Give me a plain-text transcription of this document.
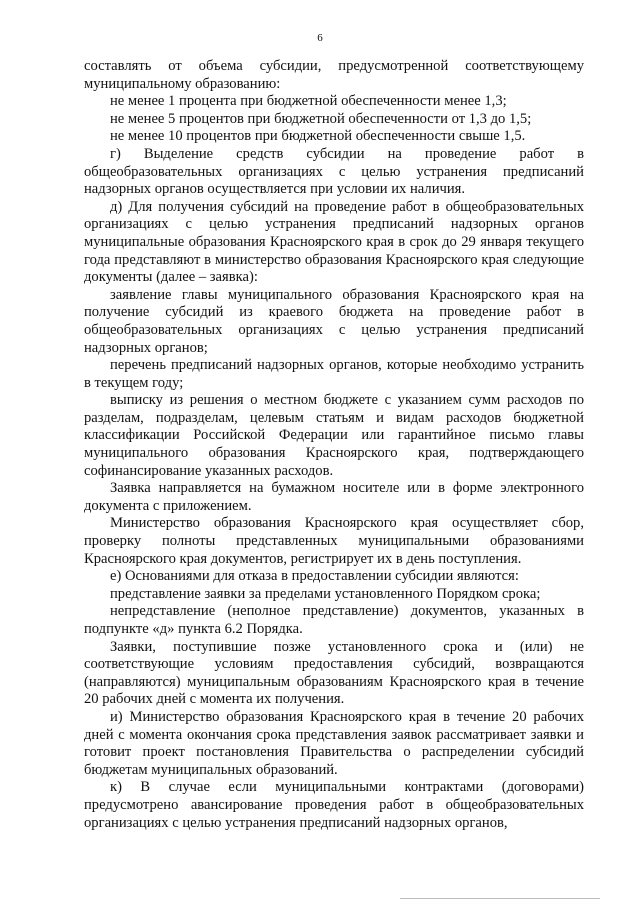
6

составлять от объема субсидии, предусмотренной соответствующему муниципальному образованию:

не менее 1 процента при бюджетной обеспеченности менее 1,3;

не менее 5 процентов при бюджетной обеспеченности от 1,3 до 1,5;

не менее 10 процентов при бюджетной обеспеченности свыше 1,5.

г) Выделение средств субсидии на проведение работ в общеобразовательных организациях с целью устранения предписаний надзорных органов осуществляется при условии их наличия.

д) Для получения субсидий на проведение работ в общеобразовательных организациях с целью устранения предписаний надзорных органов муниципальные образования Красноярского края в срок до 29 января текущего года представляют в министерство образования Красноярского края следующие документы (далее – заявка):

заявление главы муниципального образования Красноярского края на получение субсидий из краевого бюджета на проведение работ в общеобразовательных организациях с целью устранения предписаний надзорных органов;

перечень предписаний надзорных органов, которые необходимо устранить в текущем году;

выписку из решения о местном бюджете с указанием сумм расходов по разделам, подразделам, целевым статьям и видам расходов бюджетной классификации Российской Федерации или гарантийное письмо главы муниципального образования Красноярского края, подтверждающего софинансирование указанных расходов.

Заявка направляется на бумажном носителе или в форме электронного документа с приложением.

Министерство образования Красноярского края осуществляет сбор, проверку полноты представленных муниципальными образованиями Красноярского края документов, регистрирует их в день поступления.

е) Основаниями для отказа в предоставлении субсидии являются:

представление заявки за пределами установленного Порядком срока;

непредставление (неполное представление) документов, указанных в подпункте «д» пункта 6.2 Порядка.

Заявки, поступившие позже установленного срока и (или) не соответствующие условиям предоставления субсидий, возвращаются (направляются) муниципальным образованиям Красноярского края в течение 20 рабочих дней с момента их получения.

и) Министерство образования Красноярского края в течение 20 рабочих дней с момента окончания срока представления заявок рассматривает заявки и готовит проект постановления Правительства о распределении субсидий бюджетам муниципальных образований.

к) В случае если муниципальными контрактами (договорами) предусмотрено авансирование проведения работ в общеобразовательных организациях с целью устранения предписаний надзорных органов,
